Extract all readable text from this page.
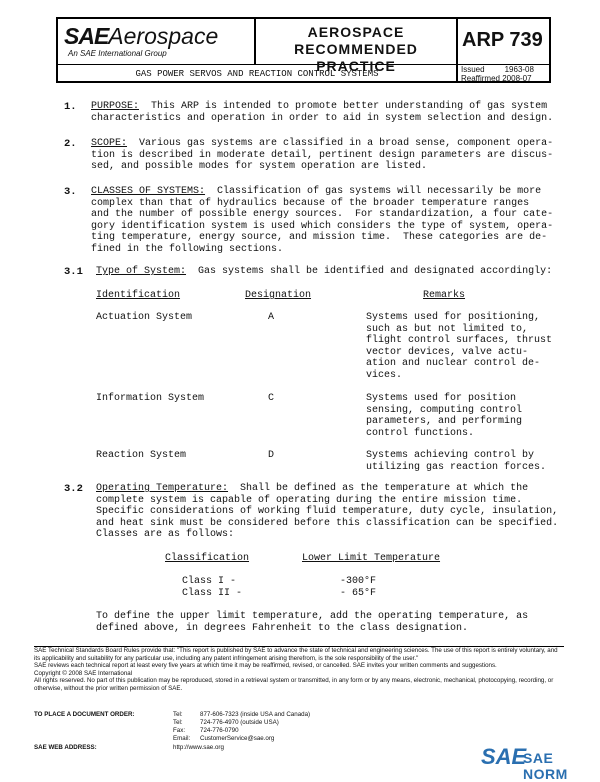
SAEAerospace
An SAE International Group
AEROSPACE
RECOMMENDED PRACTICE
ARP 739
GAS POWER SERVOS AND REACTION CONTROL SYSTEMS	Issued	1963-08
Reaffirmed 2008-07
1. PURPOSE: This ARP is intended to promote better understanding of gas system
characteristics and operation in order to aid in system selection and design.
2. SCOPE: Various gas systems are classified in a broad sense, component opera-
tion is described in moderate detail, pertinent design parameters are discus-
sed, and possible modes for system operation are listed.
3. CLASSES OF SYSTEMS: Classification of gas systems will necessarily be more
complex than that of hydraulics because of the broader temperature ranges
and the number of possible energy sources.  For standardization, a four cate-
gory identification system is used which considers the type of system, opera-
ting temperature, energy source, and mission time.  These categories are de-
fined in the following sections.
3.1 Type of System: Gas systems shall be identified and designated accordingly:
Identification	Designation	Remarks
Actuation System	A	Systems used for positioning,
such as but not limited to,
flight control surfaces, thrust
vector devices, valve actu-
ation and nuclear control de-
vices.
Information System	C	Systems used for position
sensing, computing control
parameters, and performing
control functions.
Reaction System	D	Systems achieving control by
utilizing gas reaction forces.
3.2 Operating Temperature: Shall be defined as the temperature at which the
complete system is capable of operating during the entire mission time.
Specific considerations of working fluid temperature, duty cycle, insulation,
and heat sink must be considered before this classification can be specified.
Classes are as follows:
Classification	Lower Limit Temperature
Class I -	-300°F
Class II -	- 65°F
To define the upper limit temperature, add the operating temperature, as
defined above, in degrees Fahrenheit to the class designation.

SAE Technical Standards Board Rules provide that: "This report is published by SAE to advance the state of technical and engineering sciences. The use of this report is entirely voluntary, and its applicability and suitability for any particular use, including any patent infringement arising therefrom, is the sole responsibility of the user."

SAE reviews each technical report at least every five years at which time it may be reaffirmed, revised, or cancelled. SAE invites your written comments and suggestions.

Copyright © 2008 SAE International

All rights reserved. No part of this publication may be reproduced, stored in a retrieval system or transmitted, in any form or by any means, electronic, mechanical, photocopying, recording, or otherwise, without the prior written permission of SAE.

TO PLACE A DOCUMENT ORDER:	Tel:	877-606-7323 (inside USA and Canada)
Tel:	724-776-4970 (outside USA)
Fax: 724-776-0790
Email: CustomerService@sae.org
SAE WEB ADDRESS:	http://www.sae.org	SAE
SAE NORM
